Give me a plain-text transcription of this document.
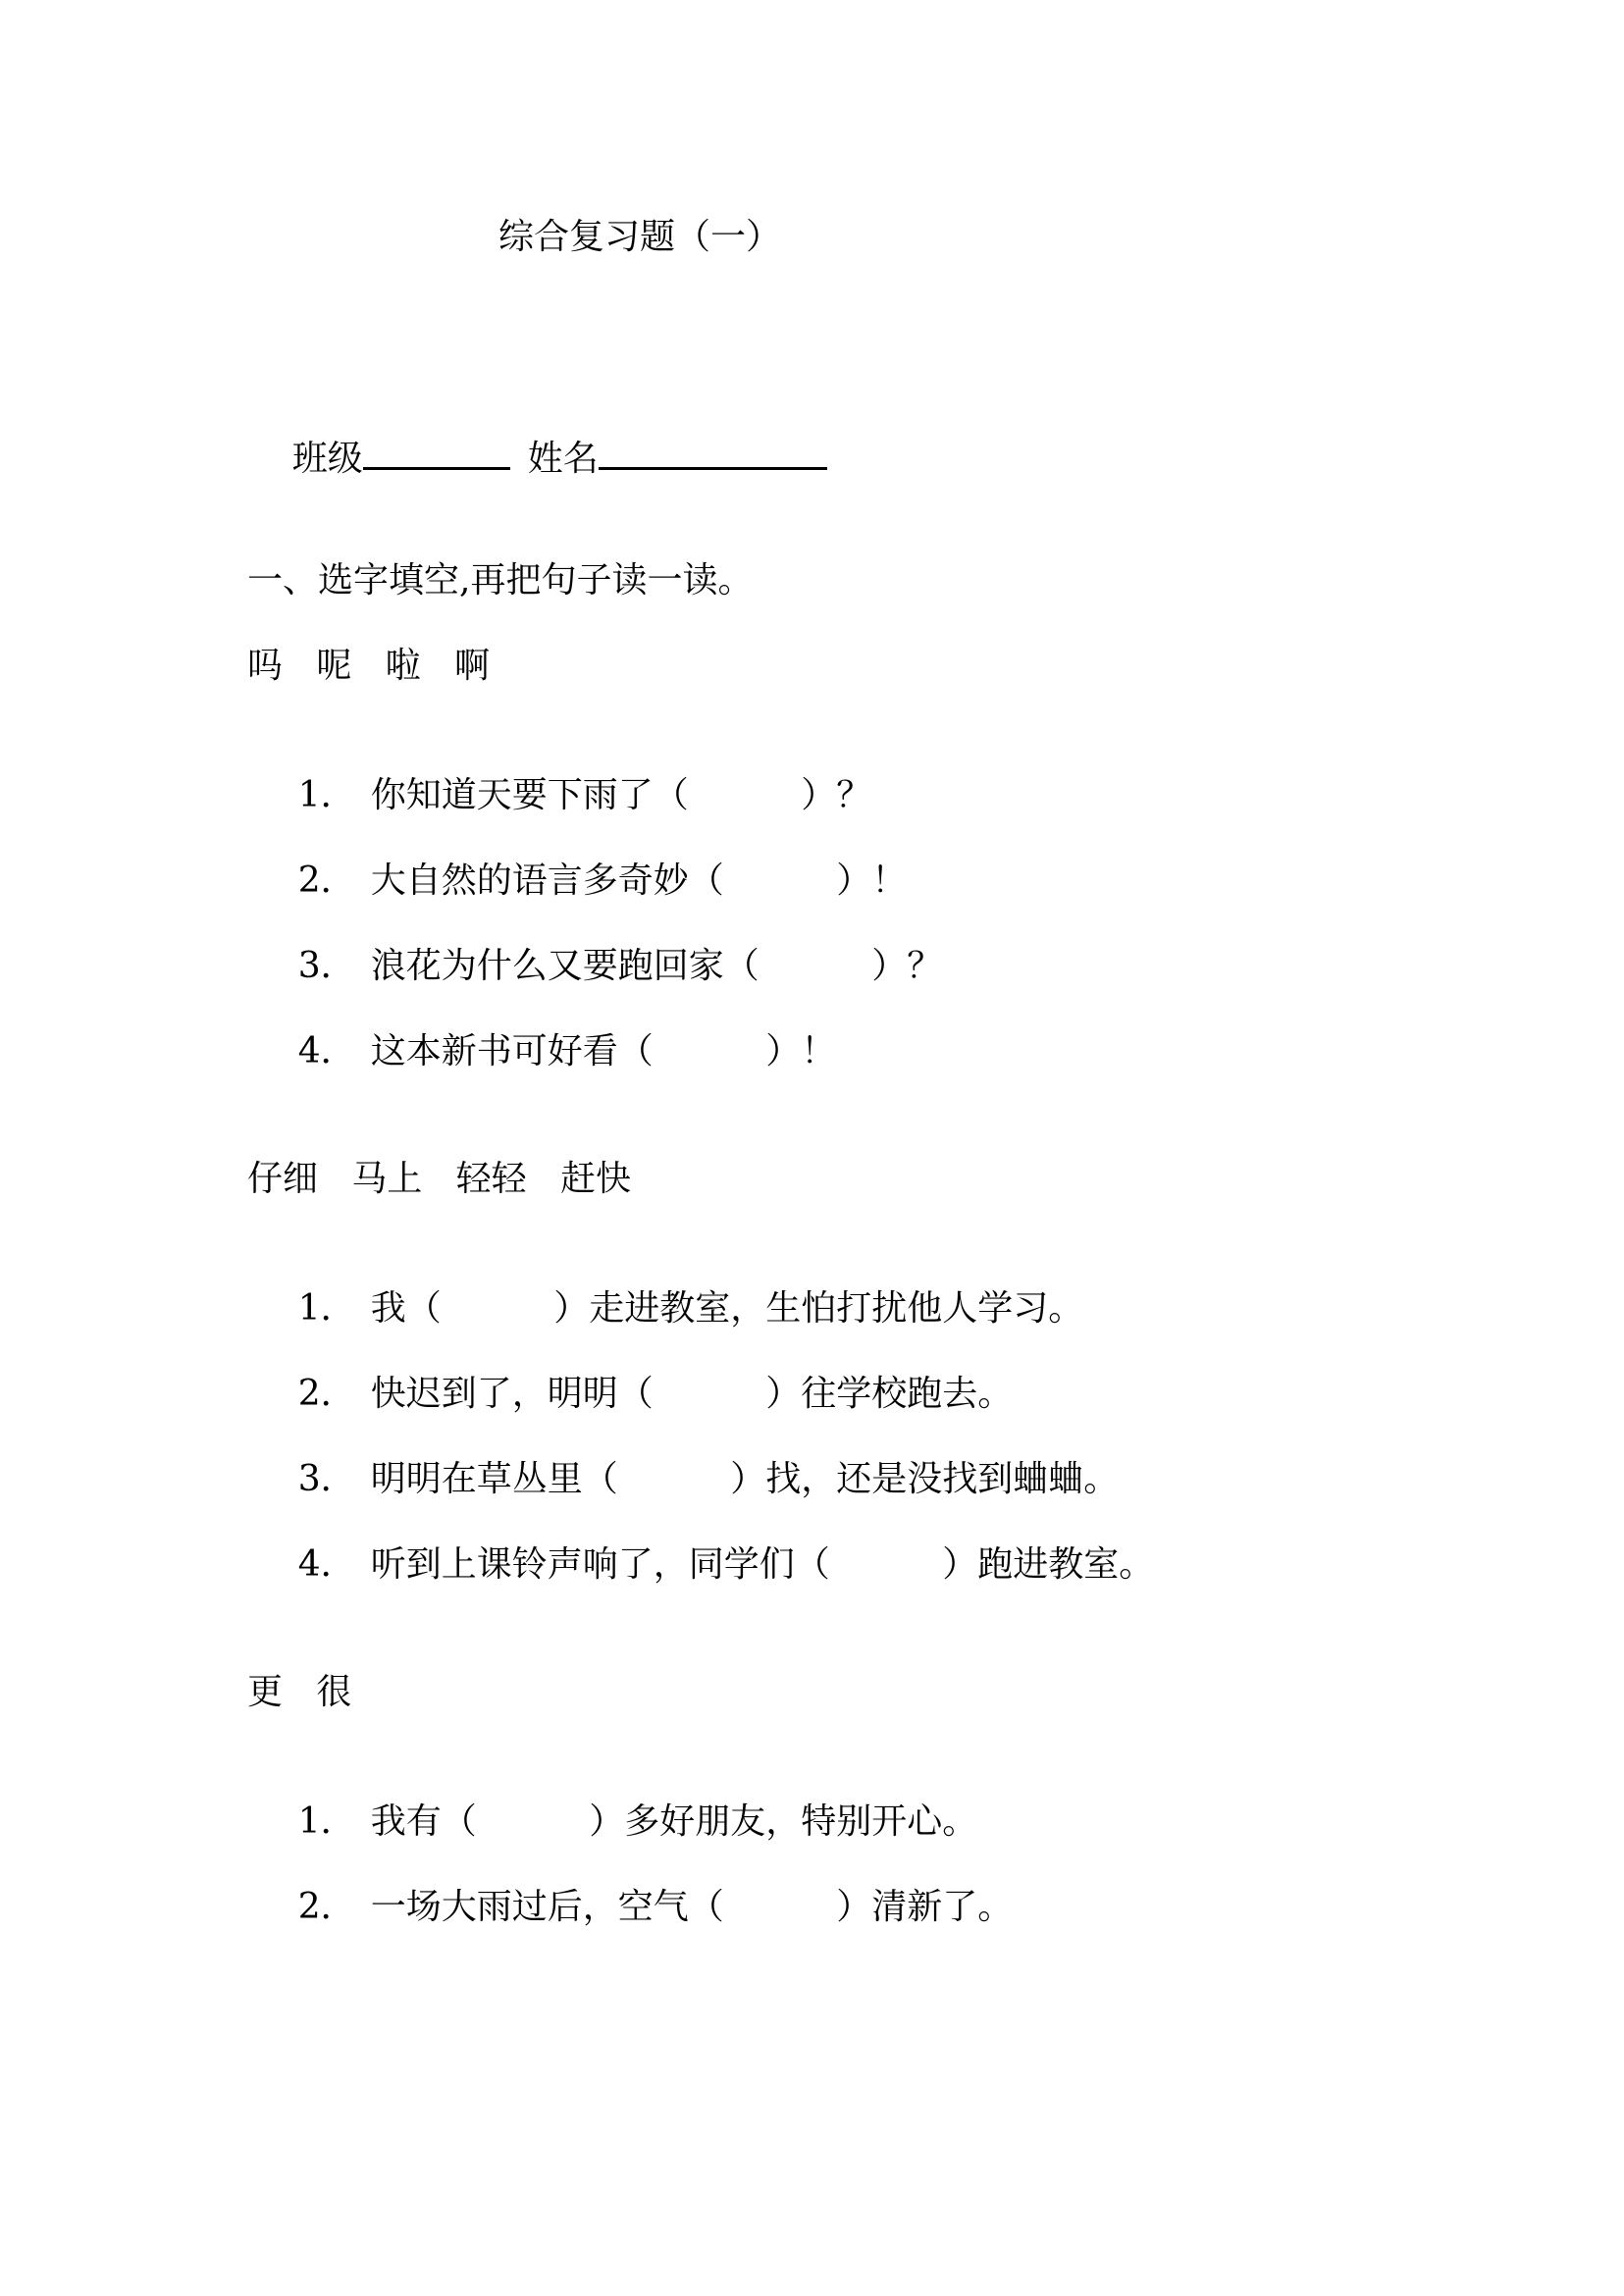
综合复习题（一）

班级	姓名

一、选字填空,再把句子读一读。
吗   呢   啦   啊

1． 你知道天要下雨了（          ）？

2． 大自然的语言多奇妙（          ）！

3． 浪花为什么又要跑回家（          ）？

4． 这本新书可好看（          ）！

仔细   马上   轻轻   赶快

1． 我（          ）走进教室，生怕打扰他人学习。

2． 快迟到了，明明（          ）往学校跑去。

3． 明明在草丛里（          ）找，还是没找到蛐蛐。

4． 听到上课铃声响了，同学们（          ）跑进教室。

更   很

1． 我有（          ）多好朋友，特别开心。

2． 一场大雨过后，空气（          ）清新了。
